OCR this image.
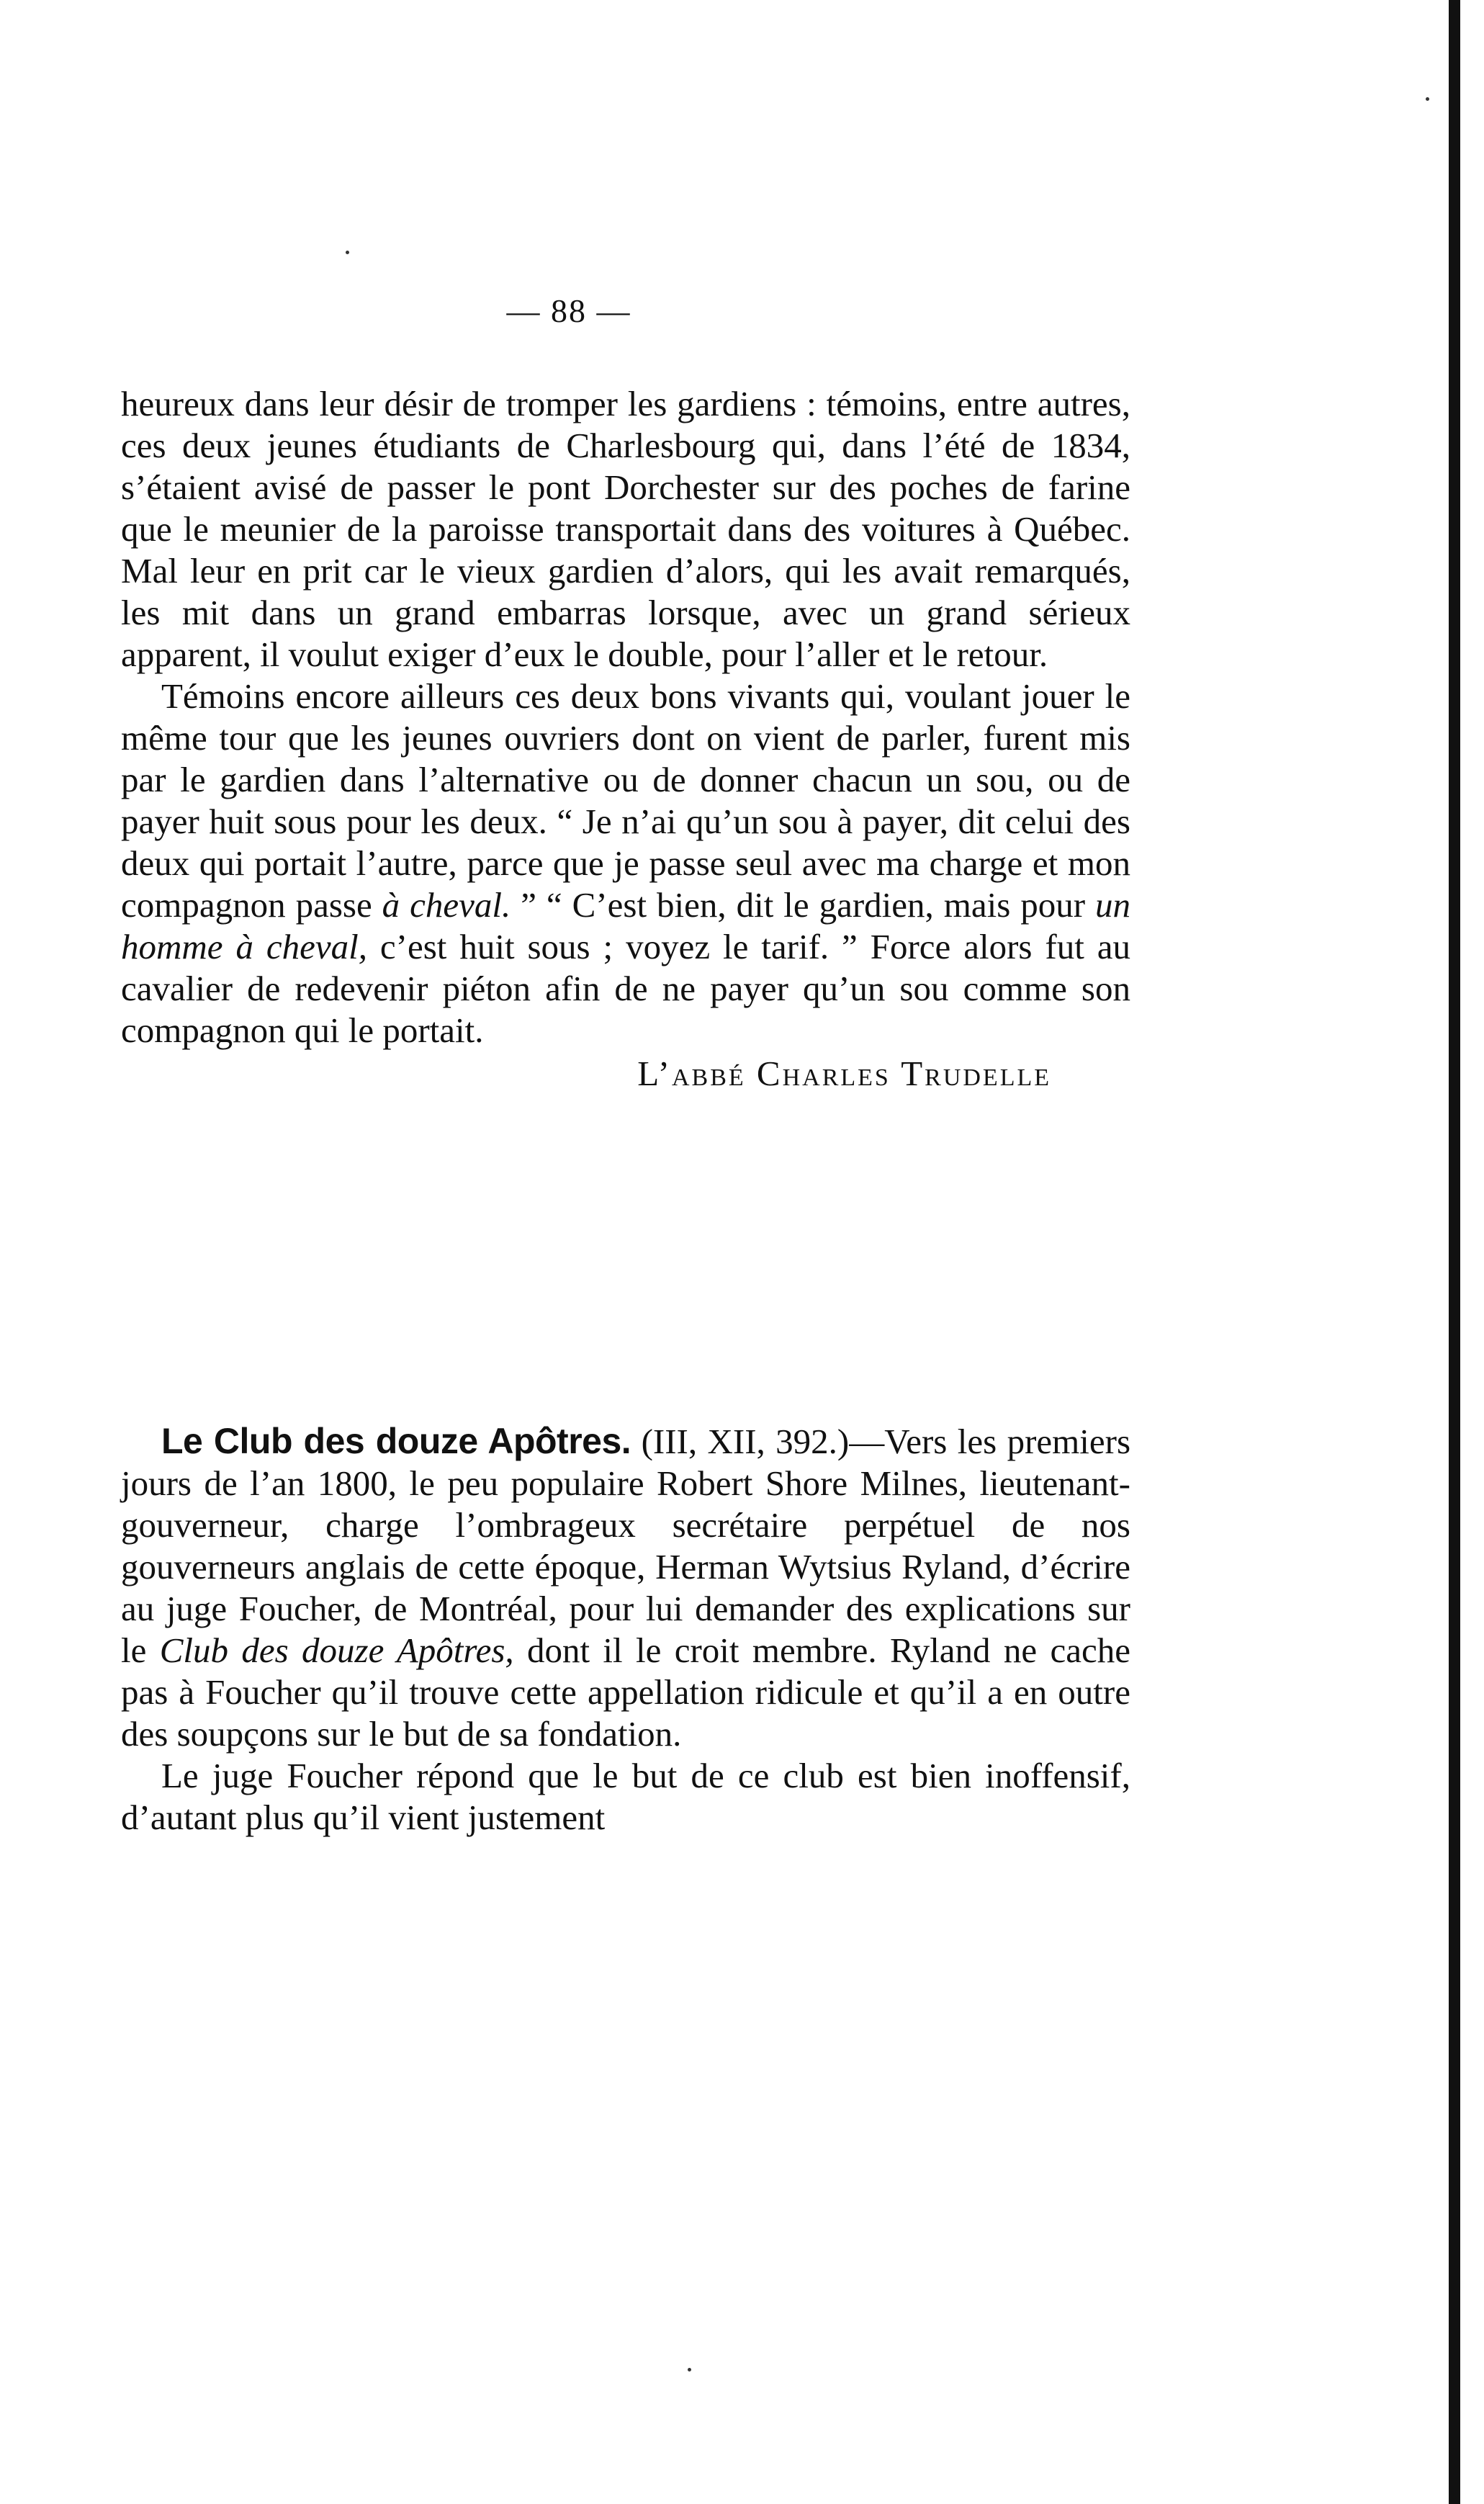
— 88 —

heureux dans leur désir de tromper les gardiens : témoins, entre autres, ces deux jeunes étudiants de Charlesbourg qui, dans l’été de 1834, s’étaient avisé de passer le pont Dorchester sur des poches de farine que le meunier de la paroisse transportait dans des voitures à Québec. Mal leur en prit car le vieux gardien d’alors, qui les avait remarqués, les mit dans un grand embarras lorsque, avec un grand sérieux apparent, il voulut exiger d’eux le double, pour l’aller et le retour.

Témoins encore ailleurs ces deux bons vivants qui, voulant jouer le même tour que les jeunes ouvriers dont on vient de parler, furent mis par le gardien dans l’alternative ou de donner chacun un sou, ou de payer huit sous pour les deux. “ Je n’ai qu’un sou à payer, dit celui des deux qui portait l’autre, parce que je passe seul avec ma charge et mon compagnon passe à cheval. ” “ C’est bien, dit le gardien, mais pour un homme à cheval, c’est huit sous ; voyez le tarif. ” Force alors fut au cavalier de redevenir piéton afin de ne payer qu’un sou comme son compagnon qui le portait.

L’abbé Charles Trudelle

Le Club des douze Apôtres. (III, XII, 392.)—Vers les premiers jours de l’an 1800, le peu populaire Robert Shore Milnes, lieutenant-gouverneur, charge l’ombrageux secrétaire perpétuel de nos gouverneurs anglais de cette époque, Herman Wytsius Ryland, d’écrire au juge Foucher, de Montréal, pour lui demander des explications sur le Club des douze Apôtres, dont il le croit membre. Ryland ne cache pas à Foucher qu’il trouve cette appellation ridicule et qu’il a en outre des soupçons sur le but de sa fondation.

Le juge Foucher répond que le but de ce club est bien inoffensif, d’autant plus qu’il vient justement
